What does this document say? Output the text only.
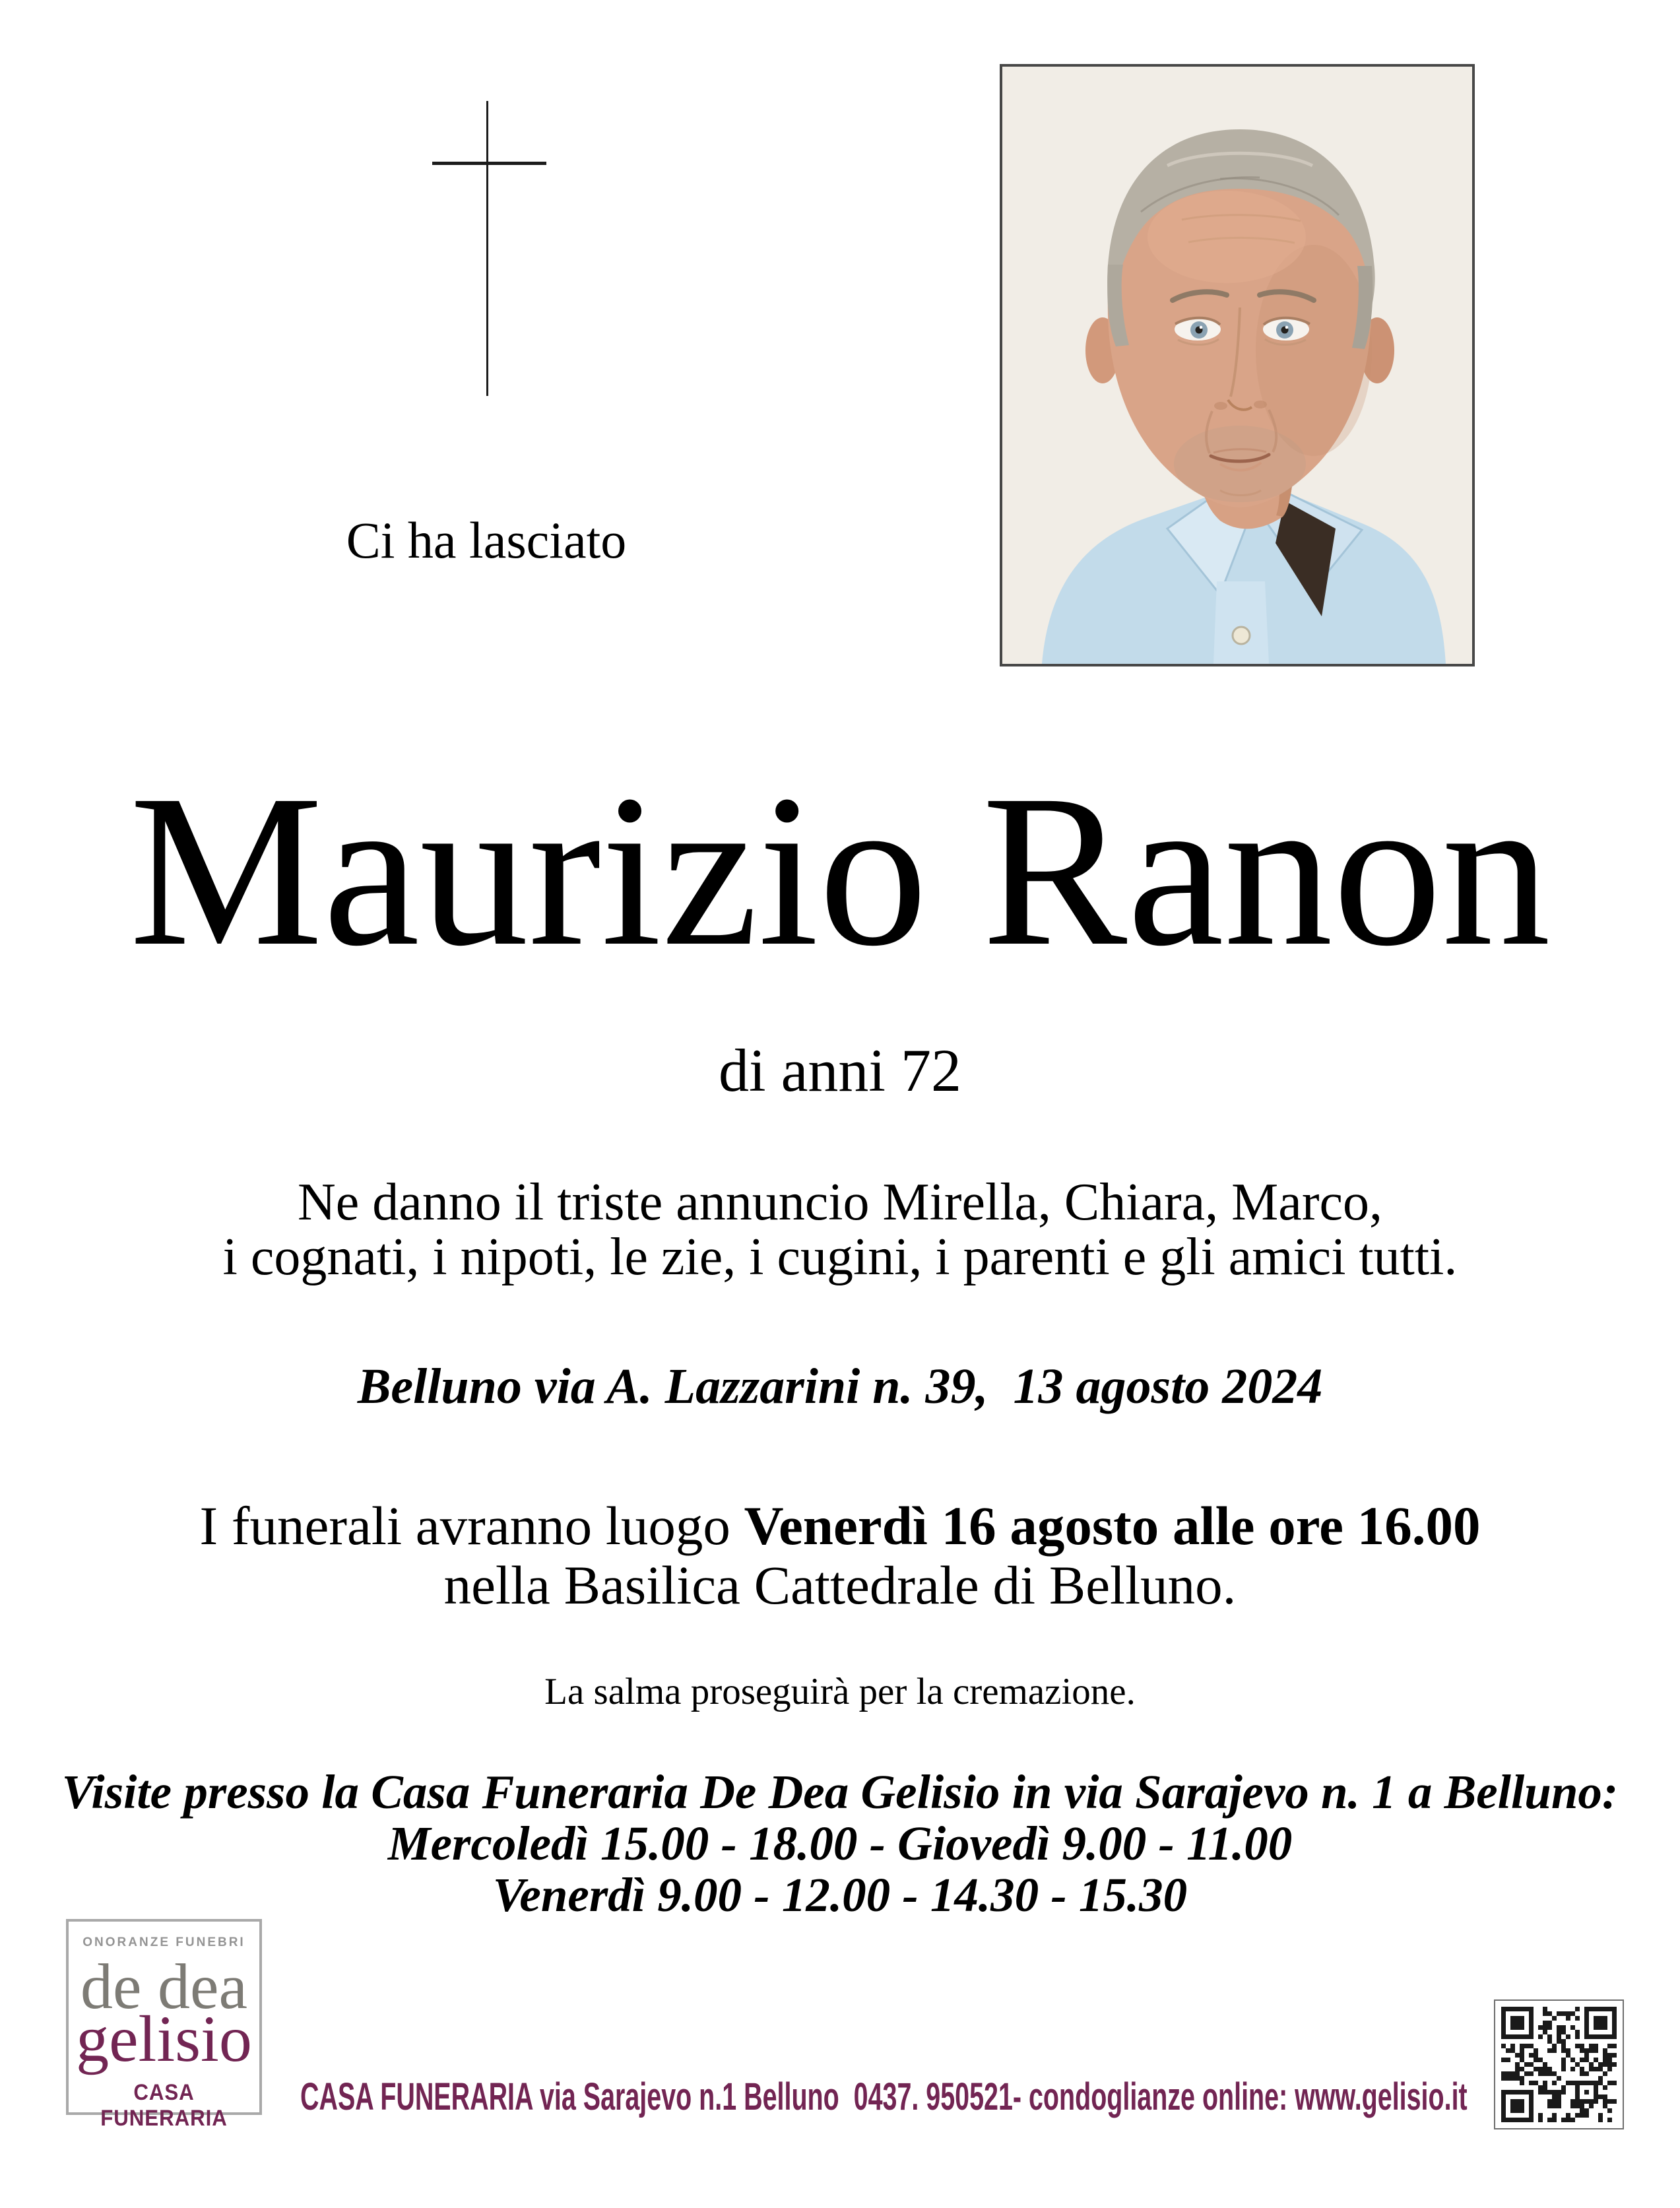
Ci ha lasciato
Maurizio Ranon
di anni 72
Ne danno il triste annuncio Mirella, Chiara, Marco,
i cognati, i nipoti, le zie, i cugini, i parenti e gli amici tutti.
Belluno via A. Lazzarini n. 39,  13 agosto 2024
I funerali avranno luogo Venerdì 16 agosto alle ore 16.00
nella Basilica Cattedrale di Belluno.
La salma proseguirà per la cremazione.
Visite presso la Casa Funeraria De Dea Gelisio in via Sarajevo n. 1 a Belluno:
Mercoledì 15.00 - 18.00 - Giovedì 9.00 - 11.00
Venerdì 9.00 - 12.00 - 14.30 - 15.30
ONORANZE FUNEBRI
de dea
gelisio
CASA FUNERARIA	CASA FUNERARIA via Sarajevo n.1 Belluno  0437. 950521- condoglianze online: www.gelisio.it
